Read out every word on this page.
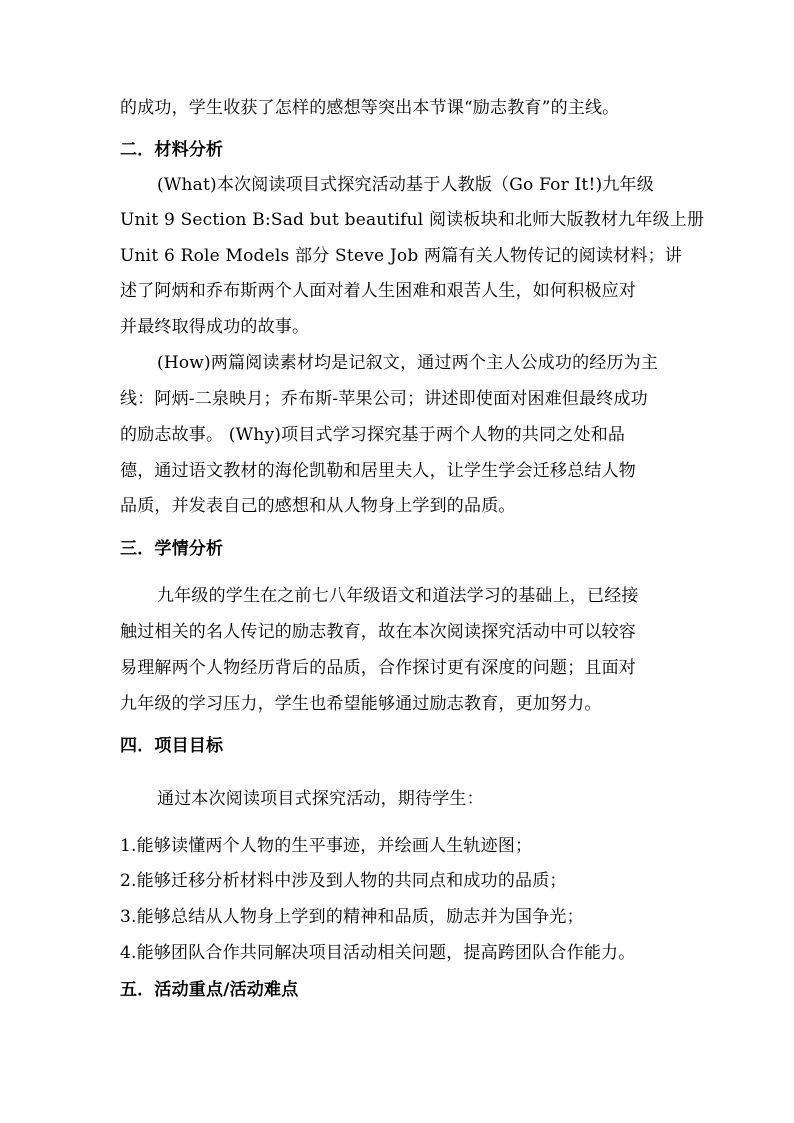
的成功，学生收获了怎样的感想等突出本节课“励志教育”的主线。
二．材料分析
(What)本次阅读项目式探究活动基于人教版（Go For It!)九年级
Unit 9 Section B:Sad but beautiful 阅读板块和北师大版教材九年级上册
Unit 6 Role Models 部分 Steve Job 两篇有关人物传记的阅读材料；讲
述了阿炳和乔布斯两个人面对着人生困难和艰苦人生，如何积极应对
并最终取得成功的故事。
(How)两篇阅读素材均是记叙文，通过两个主人公成功的经历为主
线：阿炳-二泉映月；乔布斯-苹果公司；讲述即使面对困难但最终成功
的励志故事。 (Why)项目式学习探究基于两个人物的共同之处和品
德，通过语文教材的海伦凯勒和居里夫人，让学生学会迁移总结人物
品质，并发表自己的感想和从人物身上学到的品质。
三．学情分析
九年级的学生在之前七八年级语文和道法学习的基础上，已经接
触过相关的名人传记的励志教育，故在本次阅读探究活动中可以较容
易理解两个人物经历背后的品质，合作探讨更有深度的问题；且面对
九年级的学习压力，学生也希望能够通过励志教育，更加努力。
四．项目目标
通过本次阅读项目式探究活动，期待学生：
1.能够读懂两个人物的生平事迹，并绘画人生轨迹图；
2.能够迁移分析材料中涉及到人物的共同点和成功的品质；
3.能够总结从人物身上学到的精神和品质，励志并为国争光；
4.能够团队合作共同解决项目活动相关问题，提高跨团队合作能力。
五．活动重点/活动难点
